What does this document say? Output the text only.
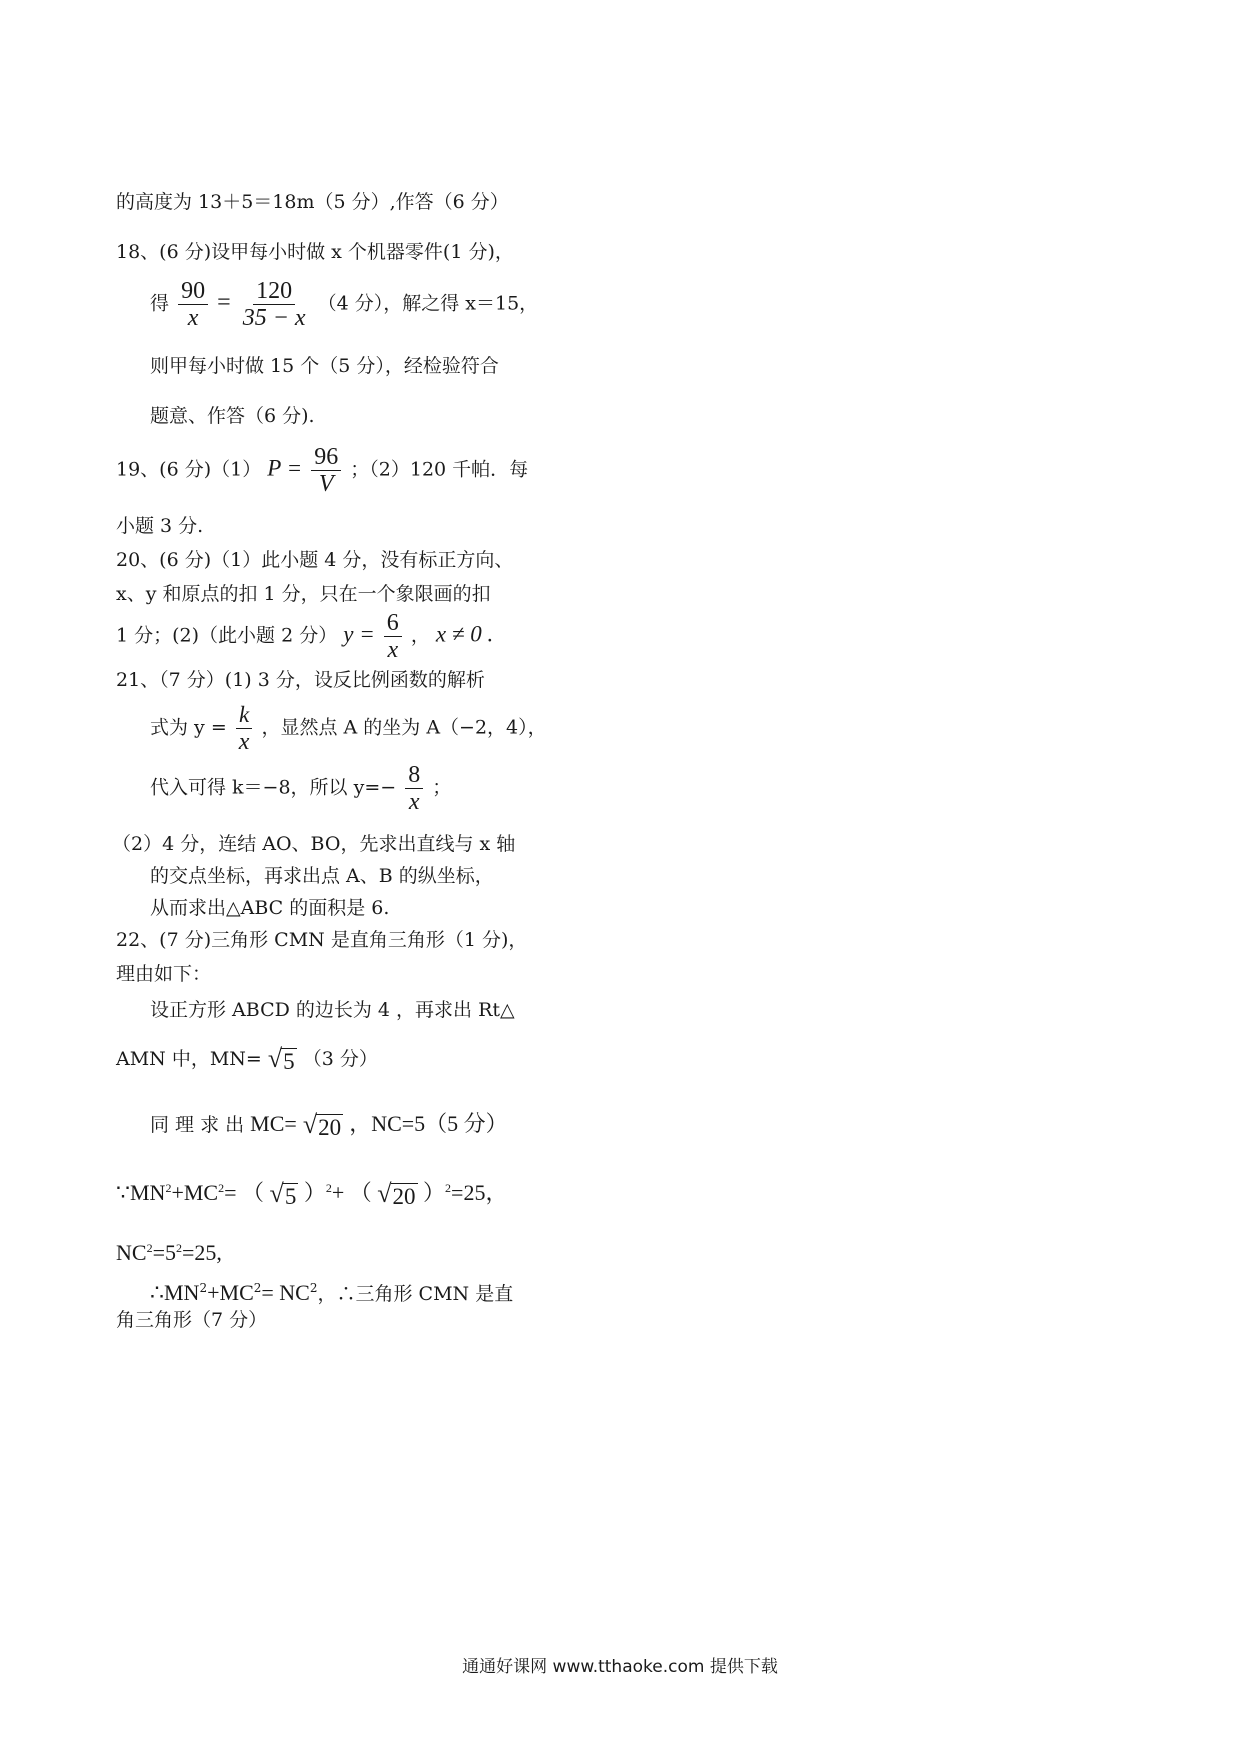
的高度为 13＋5＝18m（5 分）,作答（6 分）
18、(6 分)设甲每小时做 x 个机器零件(1 分)，
得 $\frac{90}{x} = \frac{120}{35 - x} (4$ 分），解之得 x＝15，
则甲每小时做 15 个（5 分），经检验符合
题意、作答（6 分).
19、(6 分)（1） $P = \frac{96}{V}$ ；（2）120 千帕．每
小题 3 分.
20、(6 分)（1）此小题 4 分，没有标正方向、
x、y 和原点的扣 1 分，只在一个象限画的扣
1 分；(2)（此小题 2 分） $y = \frac{6}{x}$ ， x ≠ 0 .
21、（7 分）(1) 3 分，设反比例函数的解析
式为 $y = \frac{k}{x}$ ，显然点 A 的坐为 A（−2，4），
代入可得 k＝−8，所以 $y=- \frac{8}{x}$ ；
（2）4 分，连结 AO、BO，先求出直线与 x 轴
的交点坐标，再求出点 A、B 的纵坐标，
从而求出△ABC 的面积是 6.
22、(7 分)三角形 CMN 是直角三角形（1 分)，
理由如下：
设正方形 ABCD 的边长为 4 ，再求出 Rt△
AMN 中，MN= √ 5 （3 分）
同 理 求 出 MC= √ 20 ，NC=5（5 分）
$\because MN^2+MC^2=$ （ √ 5 ）$^2$+ （ √ 20 ）$^2$=25，
$NC^2=5^2=25$,
$\therefore MN^2+MC^2= NC^2$，∴三角形 CMN 是直
角三角形（7 分）
通通好课网 www.tthaoke.com 提供下载
